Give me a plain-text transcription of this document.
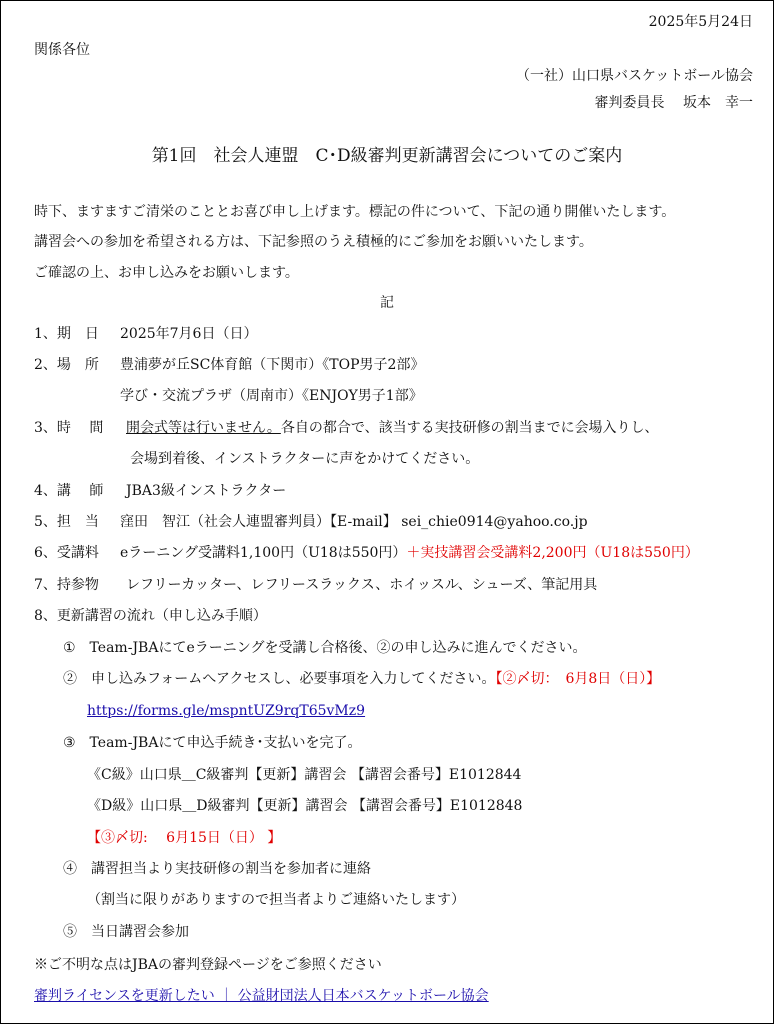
2025年5月24日
関係各位
（一社）山口県バスケットボール協会
審判委員長　 坂本　幸一
第1回　社会人連盟　C･D級審判更新講習会についてのご案内
時下、ますますご清栄のこととお喜び申し上げます。標記の件について、下記の通り開催いたします。
講習会への参加を希望される方は、下記参照のうえ積極的にご参加をお願いいたします。
ご確認の上、お申し込みをお願いします。
記
1、期　日 2025年7月6日（日）
2、場　所 豊浦夢が丘SC体育館（下関市）《TOP男子2部》
学び・交流プラザ（周南市）《ENJOY男子1部》
3、時　 間 開会式等は行いません。各自の都合で、該当する実技研修の割当までに会場入りし、
会場到着後、インストラクターに声をかけてください。
4、講　 師 JBA3級インストラクター
5、担　当 窪田　智江（社会人連盟審判員）【E-mail】 sei_chie0914@yahoo.co.jp
6、受講料 eラーニング受講料1,100円（U18は550円）＋実技講習会受講料2,200円（U18は550円）
7、持参物 レフリーカッター、レフリースラックス、ホイッスル、シューズ、筆記用具
8、更新講習の流れ（申し込み手順）
①　Team-JBAにてeラーニングを受講し合格後、②の申し込みに進んでください。
②　申し込みフォームへアクセスし、必要事項を入力してください。【②〆切：　6月8日（日）】
https://forms.gle/mspntUZ9rqT65vMz9
③　Team-JBAにて申込手続き･支払いを完了。
《C級》山口県＿C級審判【更新】講習会 【講習会番号】E1012844
《D級》山口県＿D級審判【更新】講習会 【講習会番号】E1012848
【③〆切:　 6月15日（日） 】
④　講習担当より実技研修の割当を参加者に連絡
（割当に限りがありますので担当者よりご連絡いたします）
⑤　当日講習会参加
※ご不明な点はJBAの審判登録ページをご参照ください
審判ライセンスを更新したい ｜ 公益財団法人日本バスケットボール協会
